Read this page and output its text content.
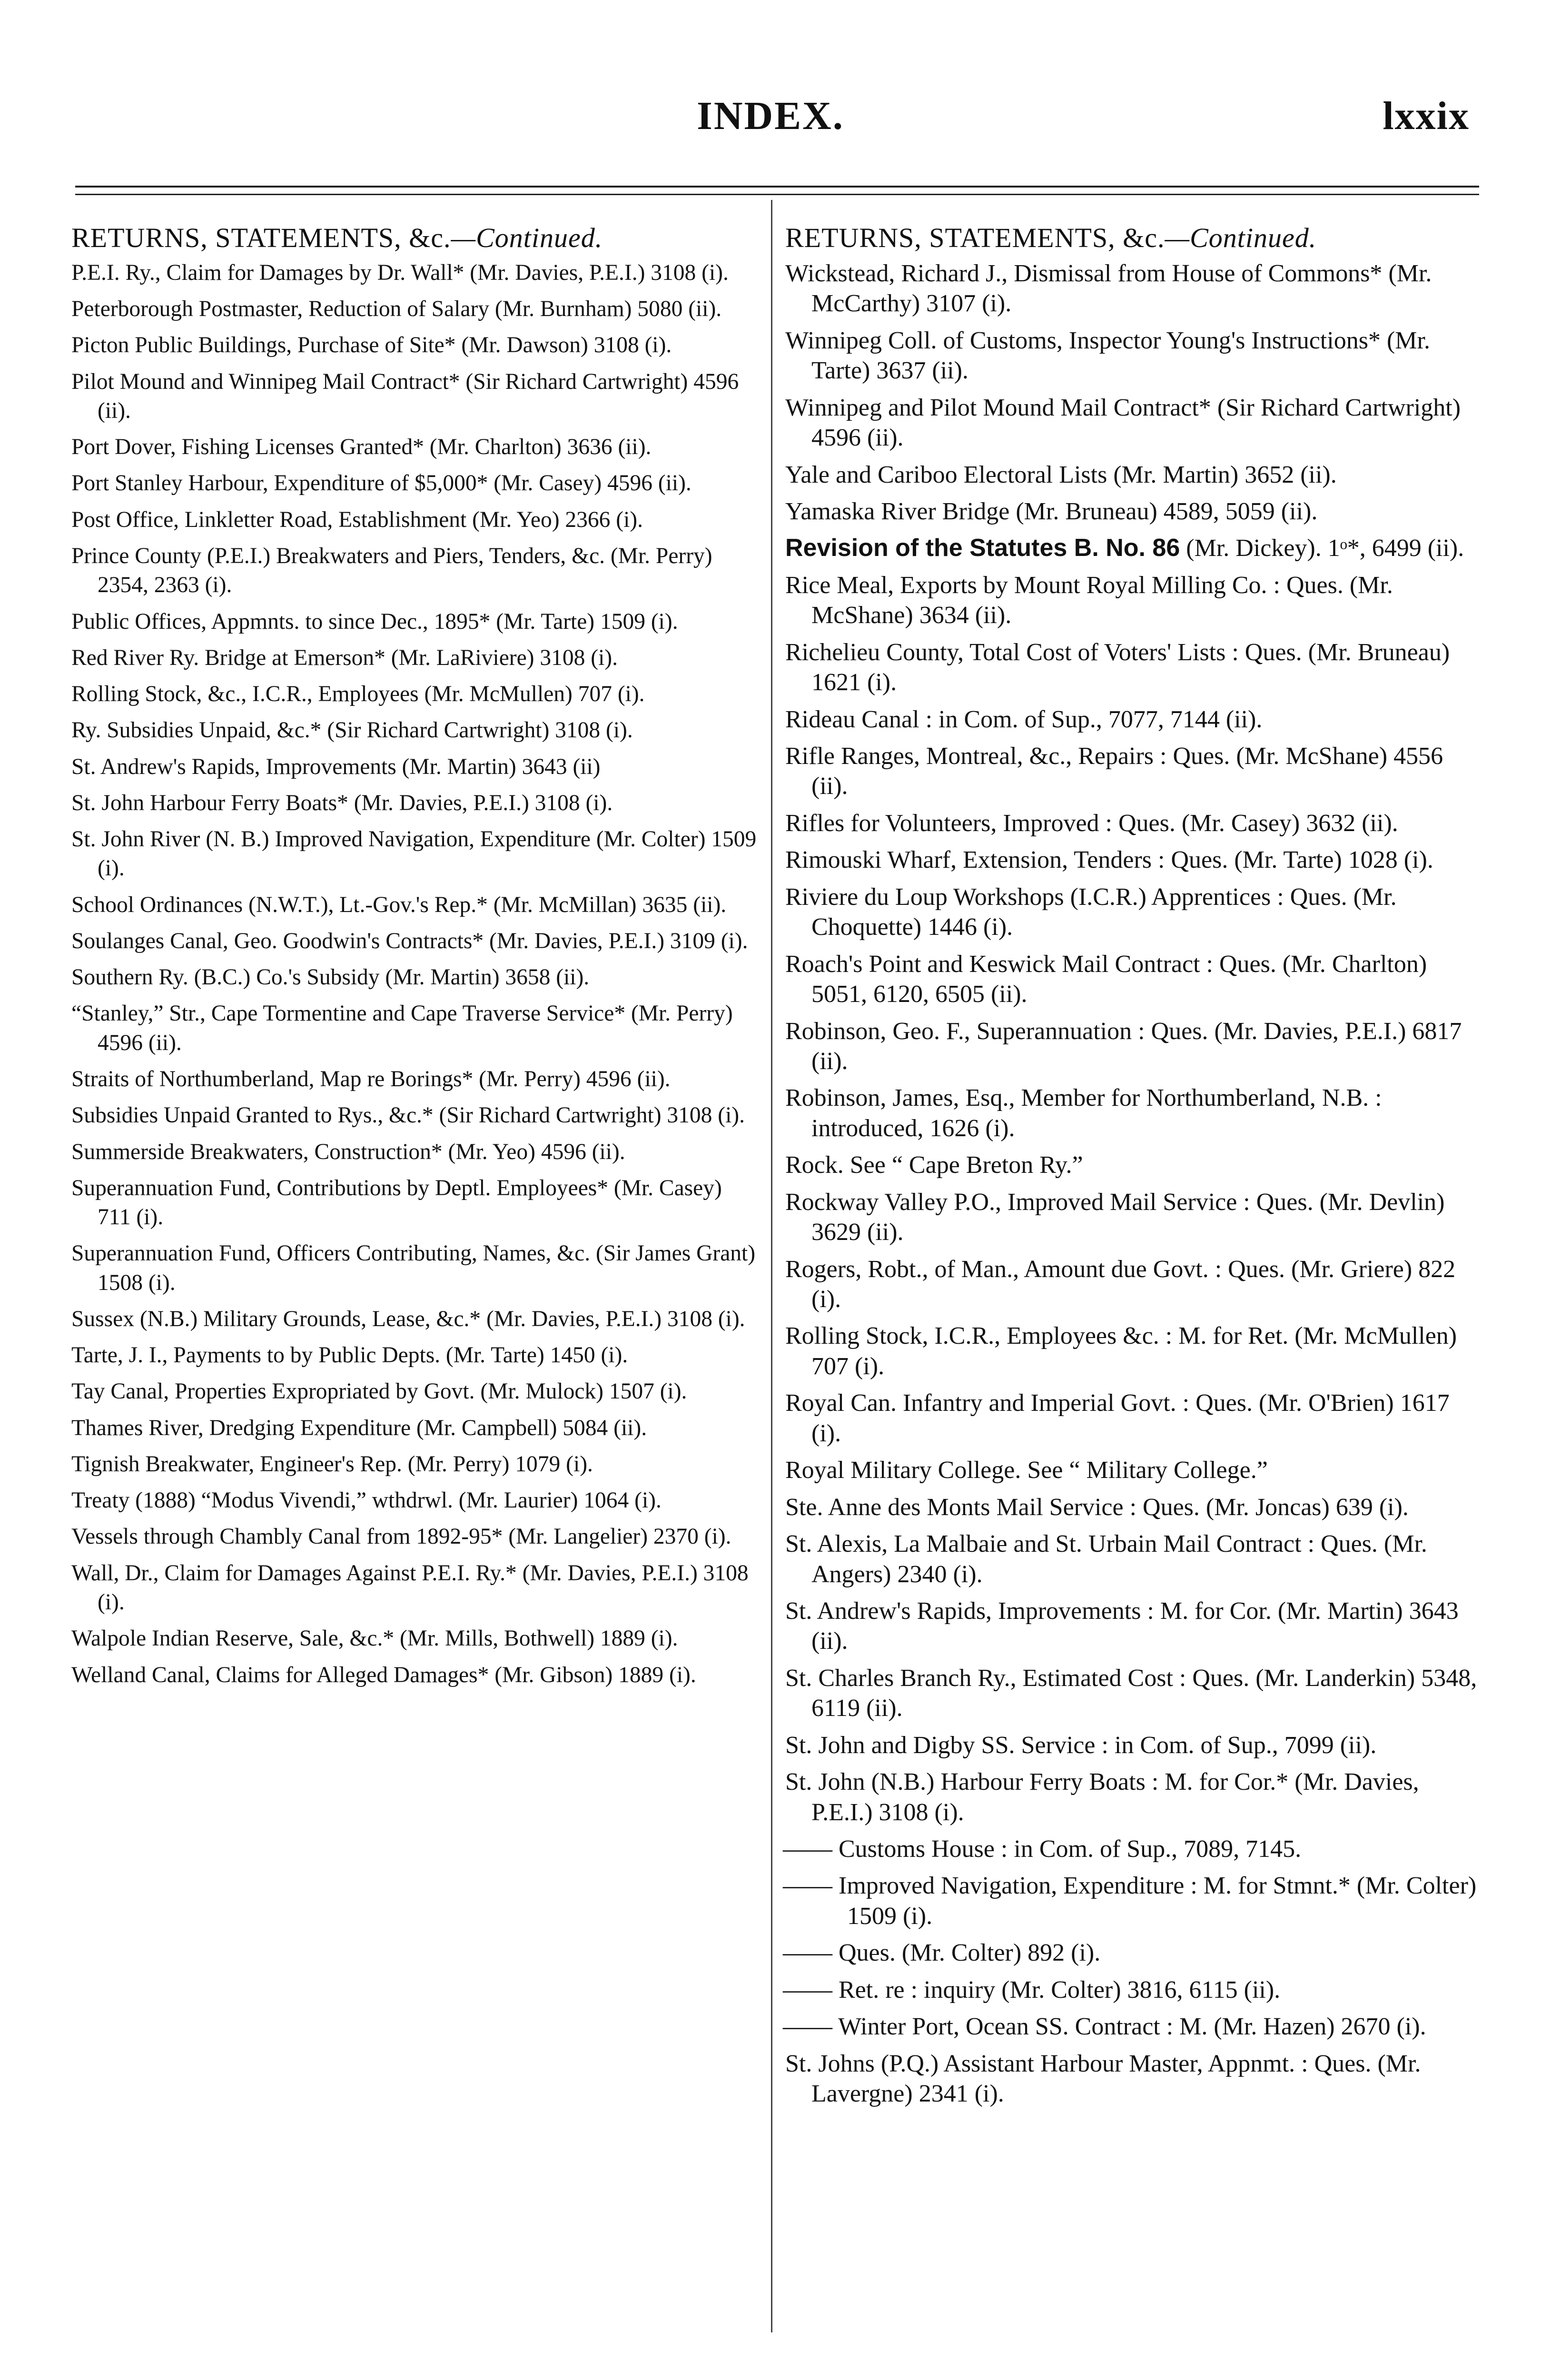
INDEX.	lxxix
RETURNS, STATEMENTS, &c.—Continued.

P.E.I. Ry., Claim for Damages by Dr. Wall* (Mr. Davies, P.E.I.) 3108 (i).

Peterborough Postmaster, Reduction of Salary (Mr. Burnham) 5080 (ii).

Picton Public Buildings, Purchase of Site* (Mr. Dawson) 3108 (i).

Pilot Mound and Winnipeg Mail Contract* (Sir Richard Cartwright) 4596 (ii).

Port Dover, Fishing Licenses Granted* (Mr. Charlton) 3636 (ii).

Port Stanley Harbour, Expenditure of $5,000* (Mr. Casey) 4596 (ii).

Post Office, Linkletter Road, Establishment (Mr. Yeo) 2366 (i).

Prince County (P.E.I.) Breakwaters and Piers, Tenders, &c. (Mr. Perry) 2354, 2363 (i).

Public Offices, Appmnts. to since Dec., 1895* (Mr. Tarte) 1509 (i).

Red River Ry. Bridge at Emerson* (Mr. LaRiviere) 3108 (i).

Rolling Stock, &c., I.C.R., Employees (Mr. McMullen) 707 (i).

Ry. Subsidies Unpaid, &c.* (Sir Richard Cartwright) 3108 (i).

St. Andrew's Rapids, Improvements (Mr. Martin) 3643 (ii)

St. John Harbour Ferry Boats* (Mr. Davies, P.E.I.) 3108 (i).

St. John River (N. B.) Improved Navigation, Expenditure (Mr. Colter) 1509 (i).

School Ordinances (N.W.T.), Lt.-Gov.'s Rep.* (Mr. McMillan) 3635 (ii).

Soulanges Canal, Geo. Goodwin's Contracts* (Mr. Davies, P.E.I.) 3109 (i).

Southern Ry. (B.C.) Co.'s Subsidy (Mr. Martin) 3658 (ii).

“Stanley,” Str., Cape Tormentine and Cape Traverse Service* (Mr. Perry) 4596 (ii).

Straits of Northumberland, Map re Borings* (Mr. Perry) 4596 (ii).

Subsidies Unpaid Granted to Rys., &c.* (Sir Richard Cartwright) 3108 (i).

Summerside Breakwaters, Construction* (Mr. Yeo) 4596 (ii).

Superannuation Fund, Contributions by Deptl. Employees* (Mr. Casey) 711 (i).

Superannuation Fund, Officers Contributing, Names, &c. (Sir James Grant) 1508 (i).

Sussex (N.B.) Military Grounds, Lease, &c.* (Mr. Davies, P.E.I.) 3108 (i).

Tarte, J. I., Payments to by Public Depts. (Mr. Tarte) 1450 (i).

Tay Canal, Properties Expropriated by Govt. (Mr. Mulock) 1507 (i).

Thames River, Dredging Expenditure (Mr. Campbell) 5084 (ii).

Tignish Breakwater, Engineer's Rep. (Mr. Perry) 1079 (i).

Treaty (1888) “Modus Vivendi,” wthdrwl. (Mr. Laurier) 1064 (i).

Vessels through Chambly Canal from 1892-95* (Mr. Langelier) 2370 (i).

Wall, Dr., Claim for Damages Against P.E.I. Ry.* (Mr. Davies, P.E.I.) 3108 (i).

Walpole Indian Reserve, Sale, &c.* (Mr. Mills, Bothwell) 1889 (i).

Welland Canal, Claims for Alleged Damages* (Mr. Gibson) 1889 (i).

RETURNS, STATEMENTS, &c.—Continued.

Wickstead, Richard J., Dismissal from House of Commons* (Mr. McCarthy) 3107 (i).

Winnipeg Coll. of Customs, Inspector Young's Instructions* (Mr. Tarte) 3637 (ii).

Winnipeg and Pilot Mound Mail Contract* (Sir Richard Cartwright) 4596 (ii).

Yale and Cariboo Electoral Lists (Mr. Martin) 3652 (ii).

Yamaska River Bridge (Mr. Bruneau) 4589, 5059 (ii).

Revision of the Statutes B. No. 86 (Mr. Dickey). 1ᵒ*, 6499 (ii).

Rice Meal, Exports by Mount Royal Milling Co. : Ques. (Mr. McShane) 3634 (ii).

Richelieu County, Total Cost of Voters' Lists : Ques. (Mr. Bruneau) 1621 (i).

Rideau Canal : in Com. of Sup., 7077, 7144 (ii).

Rifle Ranges, Montreal, &c., Repairs : Ques. (Mr. McShane) 4556 (ii).

Rifles for Volunteers, Improved : Ques. (Mr. Casey) 3632 (ii).

Rimouski Wharf, Extension, Tenders : Ques. (Mr. Tarte) 1028 (i).

Riviere du Loup Workshops (I.C.R.) Apprentices : Ques. (Mr. Choquette) 1446 (i).

Roach's Point and Keswick Mail Contract : Ques. (Mr. Charlton) 5051, 6120, 6505 (ii).

Robinson, Geo. F., Superannuation : Ques. (Mr. Davies, P.E.I.) 6817 (ii).

Robinson, James, Esq., Member for Northumberland, N.B. : introduced, 1626 (i).

Rock. See “ Cape Breton Ry.”

Rockway Valley P.O., Improved Mail Service : Ques. (Mr. Devlin) 3629 (ii).

Rogers, Robt., of Man., Amount due Govt. : Ques. (Mr. Griere) 822 (i).

Rolling Stock, I.C.R., Employees &c. : M. for Ret. (Mr. McMullen) 707 (i).

Royal Can. Infantry and Imperial Govt. : Ques. (Mr. O'Brien) 1617 (i).

Royal Military College. See “ Military College.”

Ste. Anne des Monts Mail Service : Ques. (Mr. Joncas) 639 (i).

St. Alexis, La Malbaie and St. Urbain Mail Contract : Ques. (Mr. Angers) 2340 (i).

St. Andrew's Rapids, Improvements : M. for Cor. (Mr. Martin) 3643 (ii).

St. Charles Branch Ry., Estimated Cost : Ques. (Mr. Landerkin) 5348, 6119 (ii).

St. John and Digby SS. Service : in Com. of Sup., 7099 (ii).

St. John (N.B.) Harbour Ferry Boats : M. for Cor.* (Mr. Davies, P.E.I.) 3108 (i).

—— Customs House : in Com. of Sup., 7089, 7145.

—— Improved Navigation, Expenditure : M. for Stmnt.* (Mr. Colter) 1509 (i).

—— Ques. (Mr. Colter) 892 (i).

—— Ret. re : inquiry (Mr. Colter) 3816, 6115 (ii).

—— Winter Port, Ocean SS. Contract : M. (Mr. Hazen) 2670 (i).

St. Johns (P.Q.) Assistant Harbour Master, Appnmt. : Ques. (Mr. Lavergne) 2341 (i).
